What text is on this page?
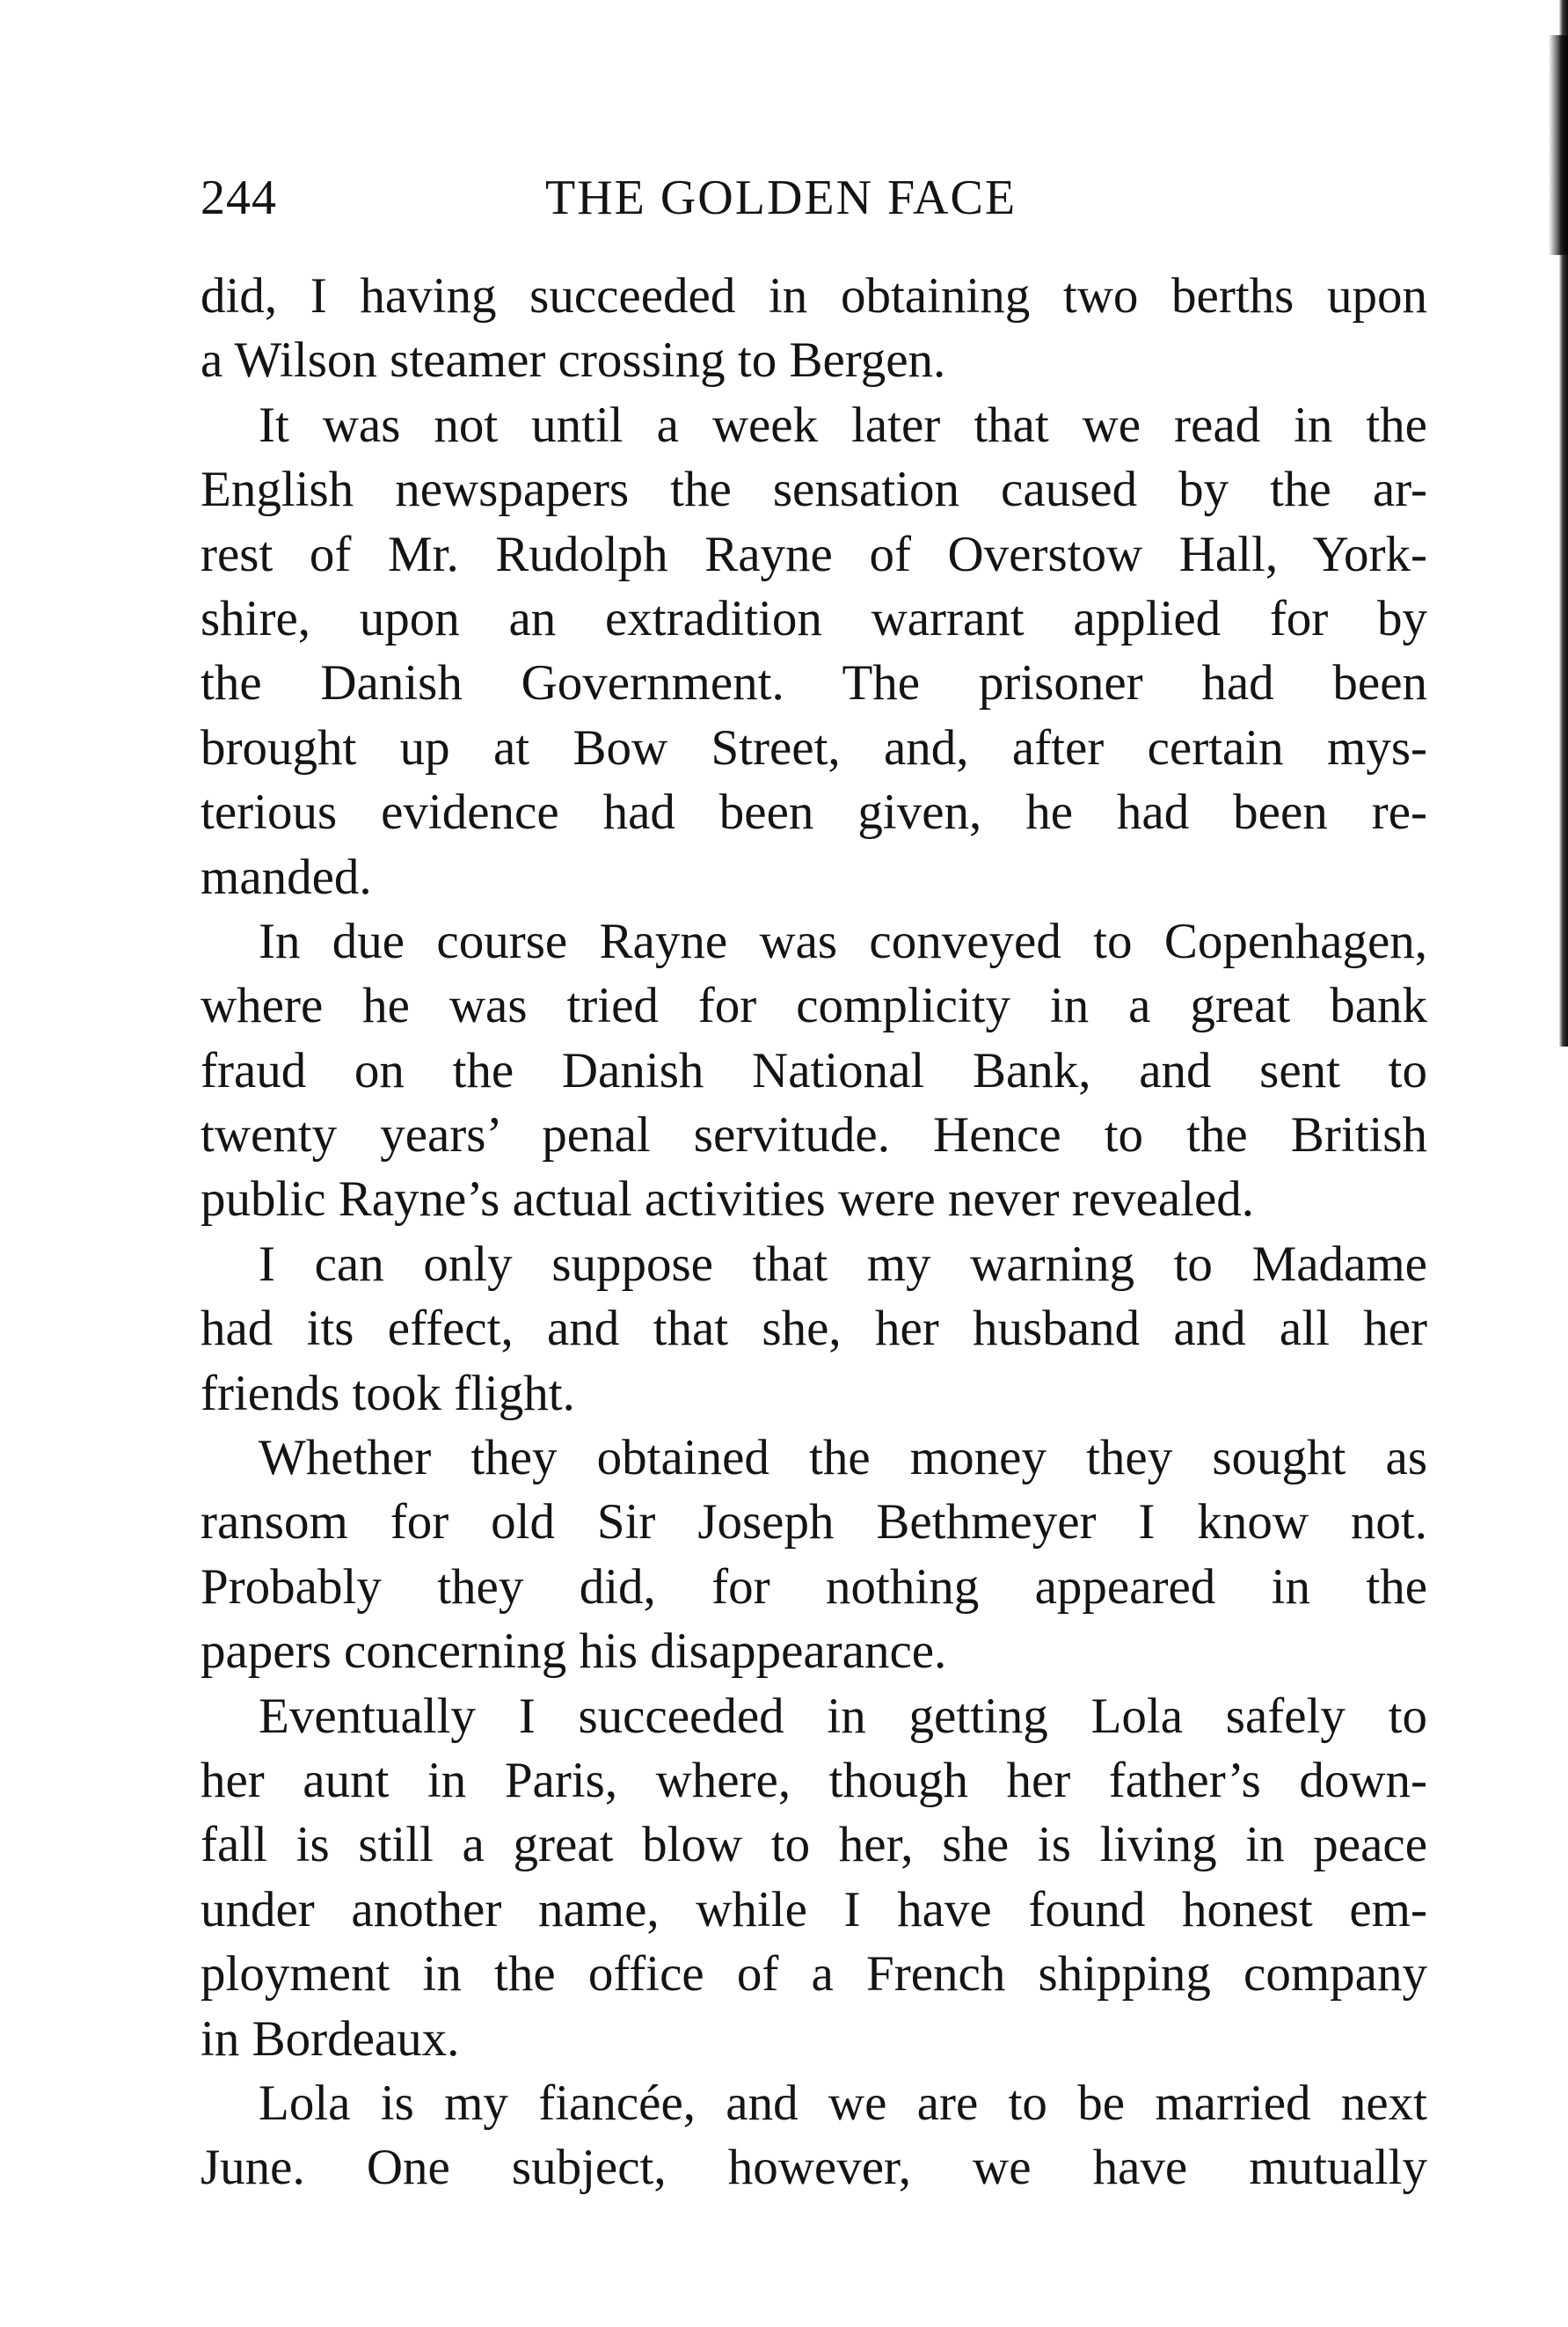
244	THE GOLDEN FACE
did, I having succeeded in obtaining two berths upon
a Wilson steamer crossing to Bergen.
It was not until a week later that we read in the
English newspapers the sensation caused by the ar-
rest of Mr. Rudolph Rayne of Overstow Hall, York-
shire, upon an extradition warrant applied for by
the Danish Government. The prisoner had been
brought up at Bow Street, and, after certain mys-
terious evidence had been given, he had been re-
manded.
In due course Rayne was conveyed to Copenhagen,
where he was tried for complicity in a great bank
fraud on the Danish National Bank, and sent to
twenty years’ penal servitude. Hence to the British
public Rayne’s actual activities were never revealed.
I can only suppose that my warning to Madame
had its effect, and that she, her husband and all her
friends took flight.
Whether they obtained the money they sought as
ransom for old Sir Joseph Bethmeyer I know not.
Probably they did, for nothing appeared in the
papers concerning his disappearance.
Eventually I succeeded in getting Lola safely to
her aunt in Paris, where, though her father’s down-
fall is still a great blow to her, she is living in peace
under another name, while I have found honest em-
ployment in the office of a French shipping company
in Bordeaux.
Lola is my fiancée, and we are to be married next
June. One subject, however, we have mutually
